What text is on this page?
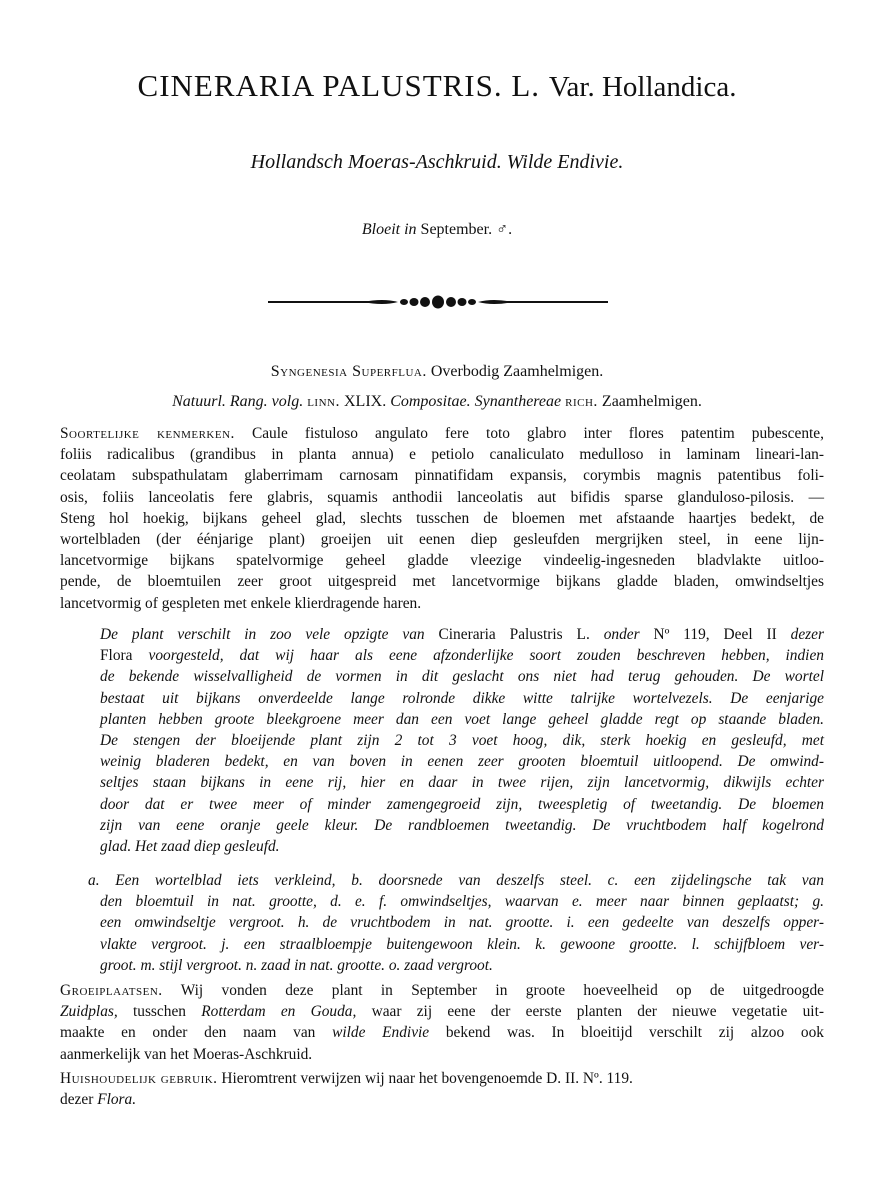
CINERARIA PALUSTRIS. L. Var. Hollandica.
Hollandsch Moeras-Aschkruid. Wilde Endivie.
Bloeit in September. ♂.
Syngenesia Superflua. Overbodig Zaamhelmigen.
Natuurl. Rang. volg. linn. XLIX. Compositae. Synanthereae rich. Zaamhelmigen.
Soortelijke kenmerken. Caule fistuloso angulato fere toto glabro inter flores patentim pubescente,
foliis radicalibus (grandibus in planta annua) e petiolo canaliculato medulloso in laminam lineari-lan-
ceolatam subspathulatam glaberrimam carnosam pinnatifidam expansis, corymbis magnis patentibus foli-
osis, foliis lanceolatis fere glabris, squamis anthodii lanceolatis aut bifidis sparse glanduloso-pilosis. —
Steng hol hoekig, bijkans geheel glad, slechts tusschen de bloemen met afstaande haartjes bedekt, de
wortelbladen (der éénjarige plant) groeijen uit eenen diep gesleufden mergrijken steel, in eene lijn-
lancetvormige bijkans spatelvormige geheel gladde vleezige vindeelig-ingesneden bladvlakte uitloo-
pende, de bloemtuilen zeer groot uitgespreid met lancetvormige bijkans gladde bladen, omwindseltjes
lancetvormig of gespleten met enkele klierdragende haren.
De plant verschilt in zoo vele opzigte van Cineraria Palustris L. onder Nº 119, Deel II dezer
Flora voorgesteld, dat wij haar als eene afzonderlijke soort zouden beschreven hebben, indien
de bekende wisselvalligheid de vormen in dit geslacht ons niet had terug gehouden. De wortel
bestaat uit bijkans onverdeelde lange rolronde dikke witte talrijke wortelvezels. De eenjarige
planten hebben groote bleekgroene meer dan een voet lange geheel gladde regt op staande bladen.
De stengen der bloeijende plant zijn 2 tot 3 voet hoog, dik, sterk hoekig en gesleufd, met
weinig bladeren bedekt, en van boven in eenen zeer grooten bloemtuil uitloopend. De omwind-
seltjes staan bijkans in eene rij, hier en daar in twee rijen, zijn lancetvormig, dikwijls echter
door dat er twee meer of minder zamengegroeid zijn, tweespletig of tweetandig. De bloemen
zijn van eene oranje geele kleur. De randbloemen tweetandig. De vruchtbodem half kogelrond
glad. Het zaad diep gesleufd.
a. Een wortelblad iets verkleind, b. doorsnede van deszelfs steel. c. een zijdelingsche tak van
den bloemtuil in nat. grootte, d. e. f. omwindseltjes, waarvan e. meer naar binnen geplaatst; g.
een omwindseltje vergroot. h. de vruchtbodem in nat. grootte. i. een gedeelte van deszelfs opper-
vlakte vergroot. j. een straalbloempje buitengewoon klein. k. gewoone grootte. l. schijfbloem ver-
groot. m. stijl vergroot. n. zaad in nat. grootte. o. zaad vergroot.
Groeiplaatsen. Wij vonden deze plant in September in groote hoeveelheid op de uitgedroogde
Zuidplas, tusschen Rotterdam en Gouda, waar zij eene der eerste planten der nieuwe vegetatie uit-
maakte en onder den naam van wilde Endivie bekend was. In bloeitijd verschilt zij alzoo ook
aanmerkelijk van het Moeras-Aschkruid.
Huishoudelijk gebruik. Hieromtrent verwijzen wij naar het bovengenoemde D. II. Nº. 119.
dezer Flora.
